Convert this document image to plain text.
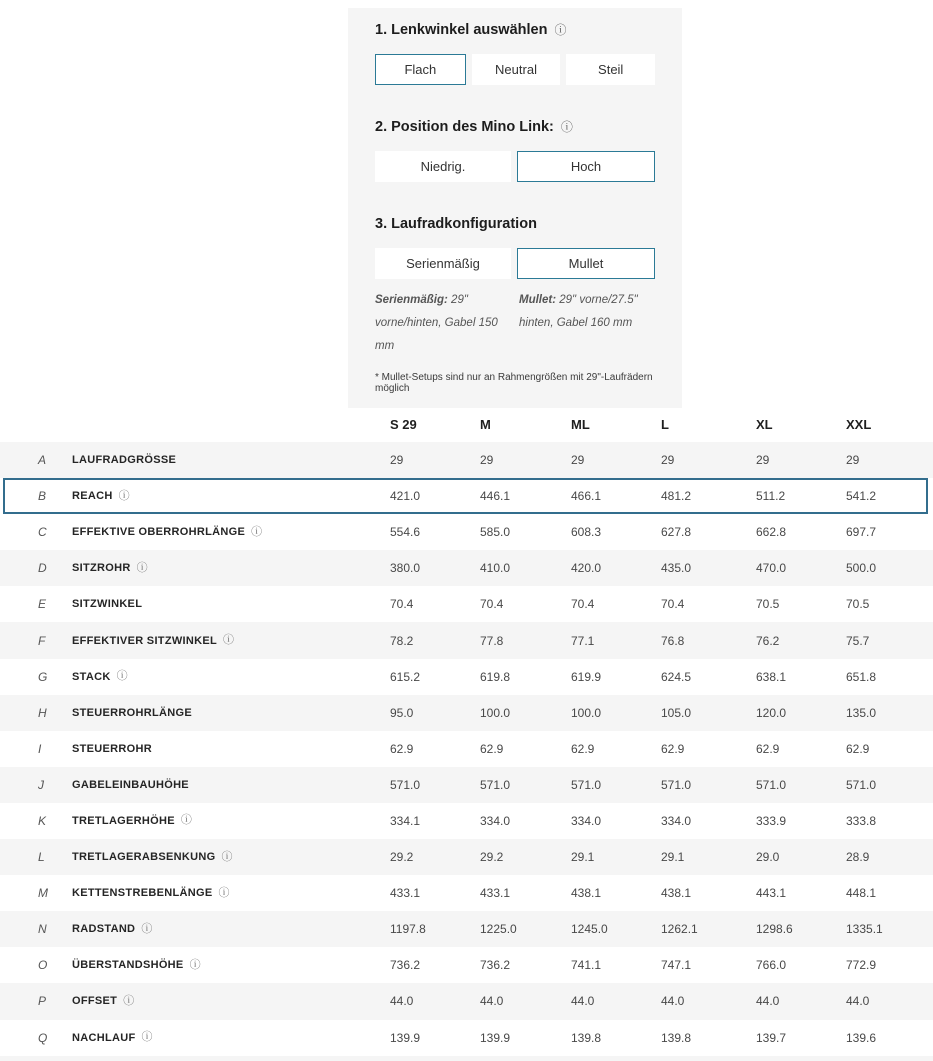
1. Lenkwinkel auswählen ⓘ
Flach	Neutral	Steil
2. Position des Mino Link: ⓘ
Niedrig.	Hoch
3. Laufradkonfiguration
Serienmäßig	Mullet
Serienmäßig: 29" vorne/hinten, Gabel 150 mm
Mullet: 29" vorne/27.5" hinten, Gabel 160 mm

* Mullet-Setups sind nur an Rahmengrößen mit 29"-Laufrädern möglich

S 29	M	ML	L	XL	XXL
A	LAUFRADGRÖSSE	29	29	29	29	29	29
B	REACH ⓘ	421.0	446.1	466.1	481.2	511.2	541.2
C	EFFEKTIVE OBERROHRLÄNGE ⓘ	554.6	585.0	608.3	627.8	662.8	697.7
D	SITZROHR ⓘ	380.0	410.0	420.0	435.0	470.0	500.0
E	SITZWINKEL	70.4	70.4	70.4	70.4	70.5	70.5
F	EFFEKTIVER SITZWINKEL ⓘ	78.2	77.8	77.1	76.8	76.2	75.7
G	STACK ⓘ	615.2	619.8	619.9	624.5	638.1	651.8
H	STEUERROHRLÄNGE	95.0	100.0	100.0	105.0	120.0	135.0
I	STEUERROHR	62.9	62.9	62.9	62.9	62.9	62.9
J	GABELEINBAUHÖHE	571.0	571.0	571.0	571.0	571.0	571.0
K	TRETLAGERHÖHE ⓘ	334.1	334.0	334.0	334.0	333.9	333.8
L	TRETLAGERABSENKUNG ⓘ	29.2	29.2	29.1	29.1	29.0	28.9
M	KETTENSTREBENLÄNGE ⓘ	433.1	433.1	438.1	438.1	443.1	448.1
N	RADSTAND ⓘ	1197.8	1225.0	1245.0	1262.1	1298.6	1335.1
O	ÜBERSTANDSHÖHE ⓘ	736.2	736.2	741.1	747.1	766.0	772.9
P	OFFSET ⓘ	44.0	44.0	44.0	44.0	44.0	44.0
Q	NACHLAUF ⓘ	139.9	139.9	139.8	139.8	139.7	139.6
